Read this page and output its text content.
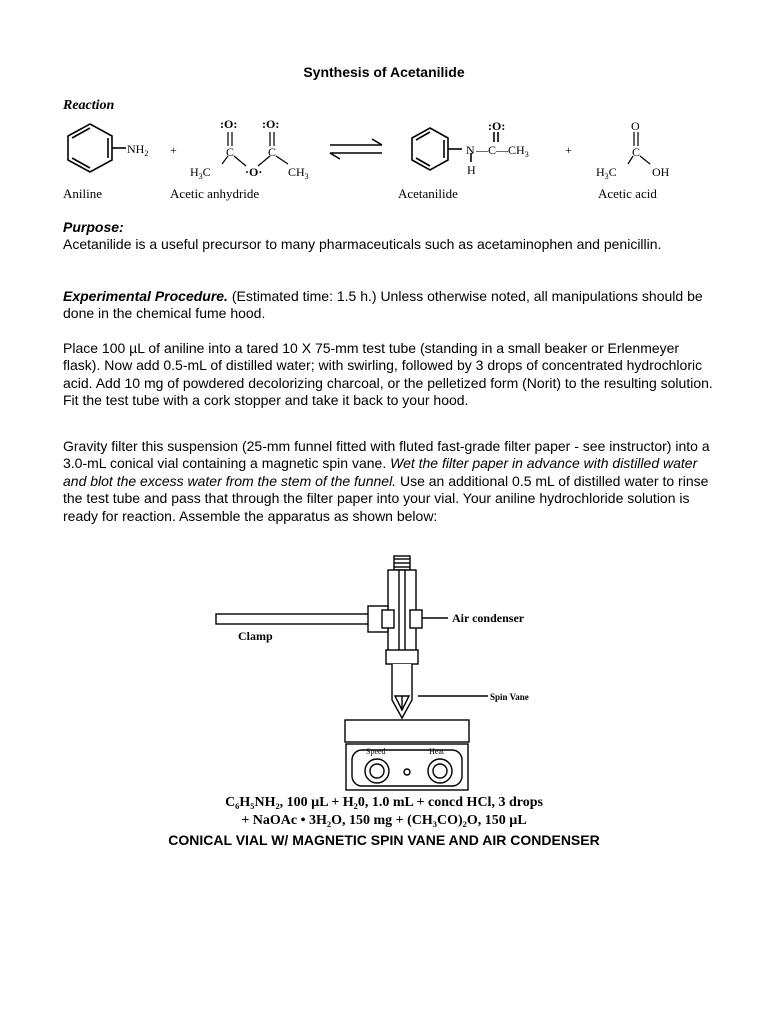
Synthesis of Acetanilide
Reaction
$NH_2$ +
:O: :O:
C	C
·O·
$H_3C$	$CH_3$
:O:
N
H
$—C—CH_3$	+
O
C
$H_3C$	OH
Aniline	Acetic anhydride	Acetanilide	Acetic acid
Purpose:
Acetanilide is a useful precursor to many pharmaceuticals such as acetaminophen and penicillin.
Experimental Procedure. (Estimated time: 1.5 h.) Unless otherwise noted, all manipulations should be done in the chemical fume hood.
Place 100 µL of aniline into a tared 10 X 75-mm test tube (standing in a small beaker or Erlenmeyer flask). Now add 0.5-mL of distilled water; with swirling, followed by 3 drops of concentrated hydrochloric acid. Add 10 mg of powdered decolorizing charcoal, or the pelletized form (Norit) to the resulting solution. Fit the test tube with a cork stopper and take it back to your hood.
Gravity filter this suspension (25-mm funnel fitted with fluted fast-grade filter paper - see instructor) into a 3.0-mL conical vial containing a magnetic spin vane. Wet the filter paper in advance with distilled water and blot the excess water from the stem of the funnel. Use an additional 0.5 mL of distilled water to rinse the test tube and pass that through the filter paper into your vial. Your aniline hydrochloride solution is ready for reaction. Assemble the apparatus as shown below:
Air condenser
Clamp
Spin Vane
Speed	Heat
C₆H₅NH₂, 100 µL + H₂0, 1.0 mL + concd HCl, 3 drops
+ NaOAc • 3H₂O, 150 mg + (CH₃CO)₂O, 150 µL
CONICAL VIAL W/ MAGNETIC SPIN VANE AND AIR CONDENSER
